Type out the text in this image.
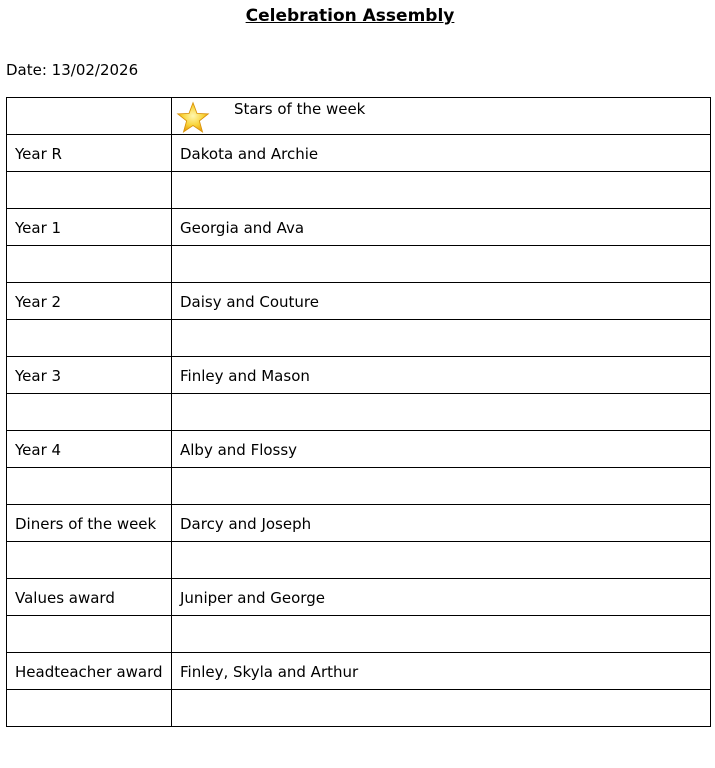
Celebration Assembly
Date: 13/02/2026

	Stars of the week

Year R	Dakota and Archie

Year 1	Georgia and Ava

Year 2	Daisy and Couture

Year 3	Finley and Mason

Year 4	Alby and Flossy

Diners of the week	Darcy and Joseph

Values award	Juniper and George

Headteacher award	Finley, Skyla and Arthur
